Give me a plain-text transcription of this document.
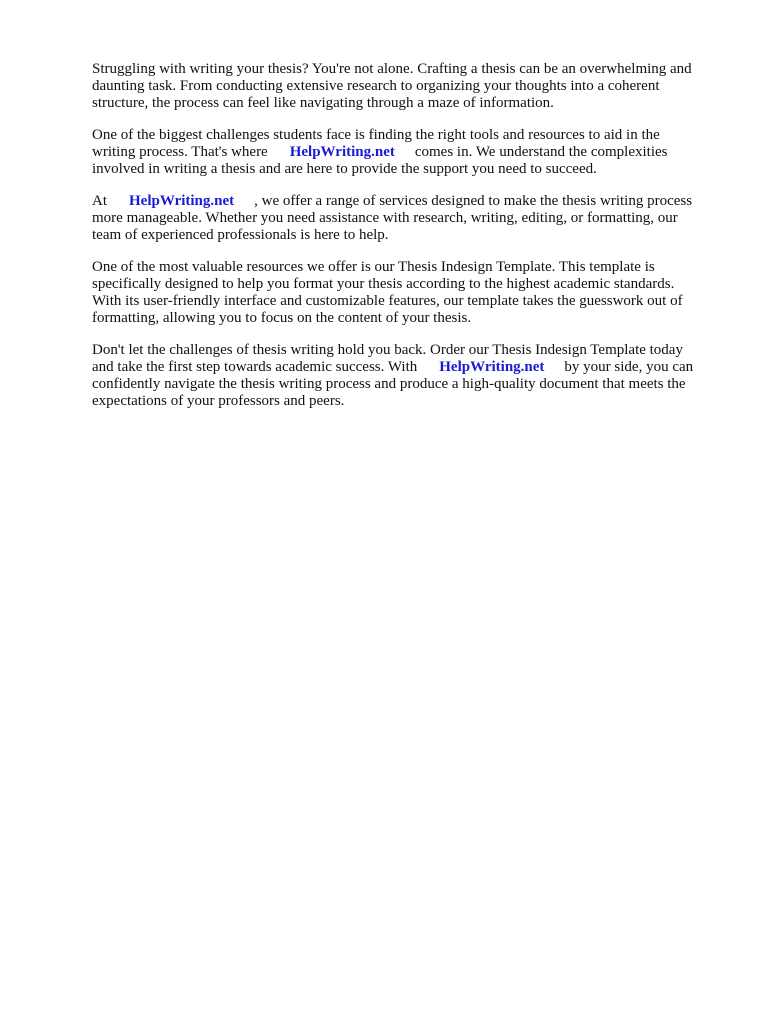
Struggling with writing your thesis? You're not alone. Crafting a thesis can be an overwhelming and
daunting task. From conducting extensive research to organizing your thoughts into a coherent
structure, the process can feel like navigating through a maze of information.

One of the biggest challenges students face is finding the right tools and resources to aid in the
writing process. That's where HelpWriting.net comes in. We understand the complexities
involved in writing a thesis and are here to provide the support you need to succeed.

At HelpWriting.net , we offer a range of services designed to make the thesis writing process
more manageable. Whether you need assistance with research, writing, editing, or formatting, our
team of experienced professionals is here to help.

One of the most valuable resources we offer is our Thesis Indesign Template. This template is
specifically designed to help you format your thesis according to the highest academic standards.
With its user-friendly interface and customizable features, our template takes the guesswork out of
formatting, allowing you to focus on the content of your thesis.

Don't let the challenges of thesis writing hold you back. Order our Thesis Indesign Template today
and take the first step towards academic success. With HelpWriting.net by your side, you can
confidently navigate the thesis writing process and produce a high-quality document that meets the
expectations of your professors and peers.
